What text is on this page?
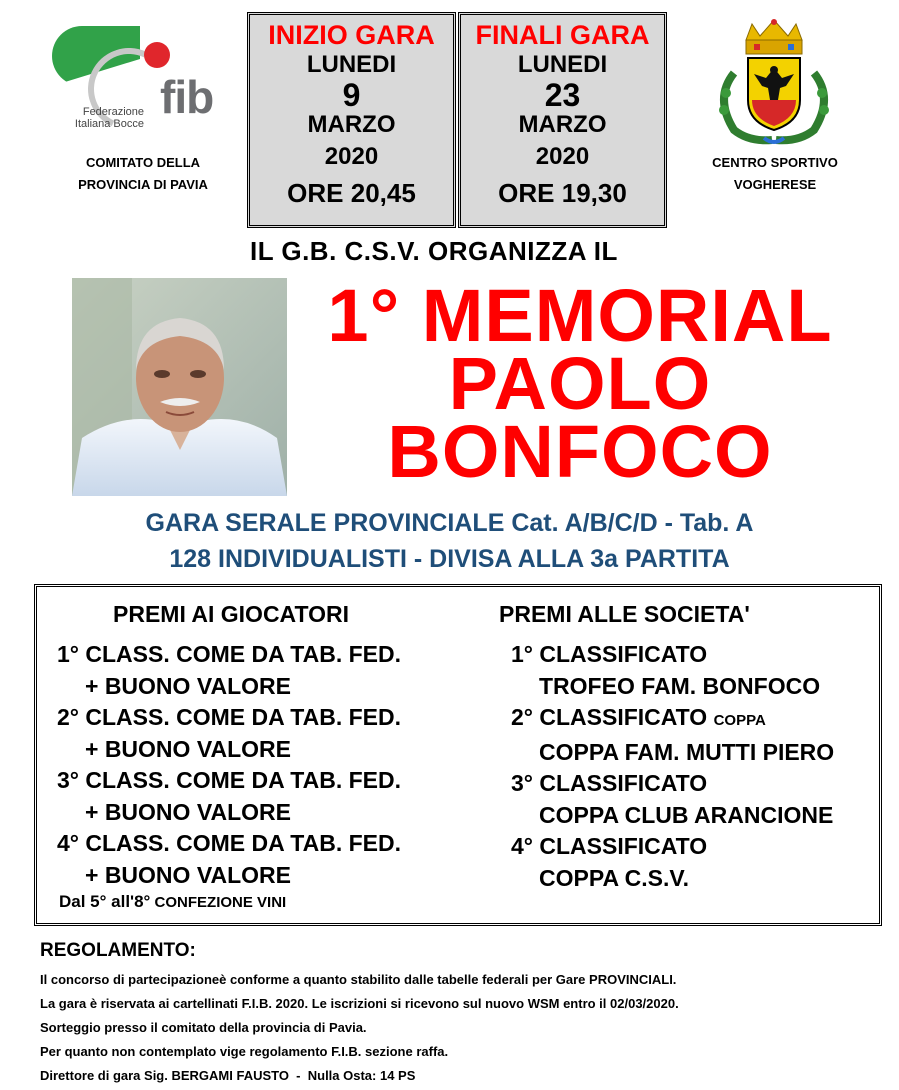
fib
Federazione
Italiana Bocce
COMITATO DELLA
PROVINCIA DI PAVIA
CENTRO SPORTIVO
VOGHERESE
INIZIO GARA
LUNEDI
9
MARZO
2020
ORE 20,45
FINALI GARA
LUNEDI
23
MARZO
2020
ORE 19,30
IL G.B. C.S.V. ORGANIZZA IL
1° MEMORIAL
PAOLO
BONFOCO
GARA SERALE PROVINCIALE Cat. A/B/C/D - Tab. A
128 INDIVIDUALISTI - DIVISA ALLA 3a PARTITA
PREMI AI GIOCATORI	PREMI ALLE SOCIETA'
1° CLASS. COME DA TAB. FED.
+ BUONO VALORE
2° CLASS. COME DA TAB. FED.
+ BUONO VALORE
3° CLASS. COME DA TAB. FED.
+ BUONO VALORE
4° CLASS. COME DA TAB. FED.
+ BUONO VALORE
1° CLASSIFICATO
TROFEO FAM. BONFOCO
2° CLASSIFICATO COPPA
COPPA FAM. MUTTI PIERO
3° CLASSIFICATO
COPPA CLUB ARANCIONE
4° CLASSIFICATO
COPPA C.S.V.
Dal 5° all'8° CONFEZIONE VINI
REGOLAMENTO:
Il concorso di partecipazioneè conforme a quanto stabilito dalle tabelle federali per Gare PROVINCIALI.
La gara è riservata ai cartellinati F.I.B. 2020. Le iscrizioni si ricevono sul nuovo WSM entro il 02/03/2020.
Sorteggio presso il comitato della provincia di Pavia.
Per quanto non contemplato vige regolamento F.I.B. sezione raffa.
Direttore di gara Sig. BERGAMI FAUSTO  -  Nulla Osta: 14 PS
